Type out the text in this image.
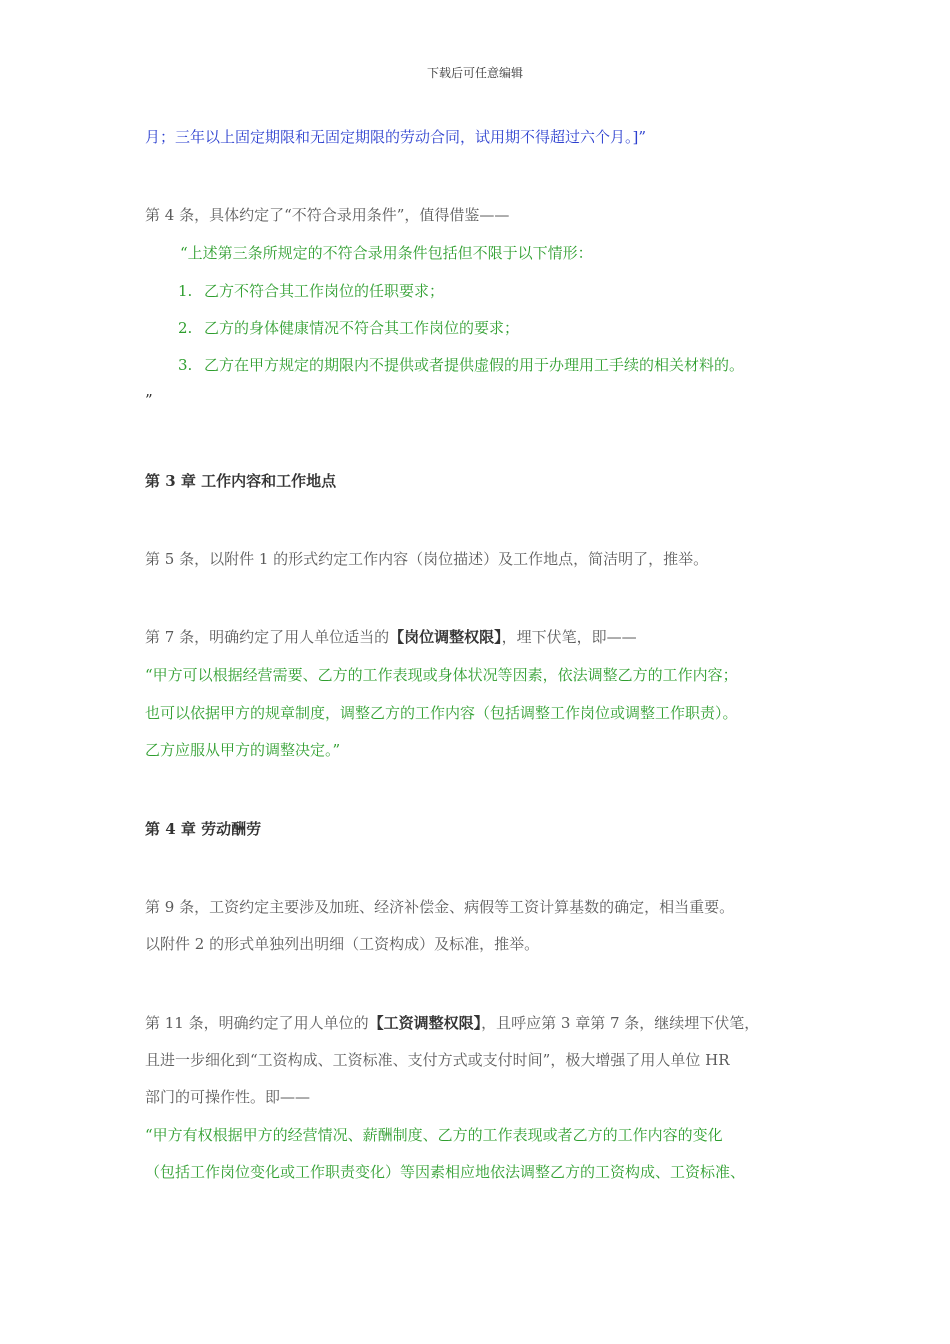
下载后可任意编辑
月；三年以上固定期限和无固定期限的劳动合同，试用期不得超过六个月。]”
第 4 条，具体约定了“不符合录用条件”，值得借鉴——
“上述第三条所规定的不符合录用条件包括但不限于以下情形：
1. 乙方不符合其工作岗位的任职要求；
2. 乙方的身体健康情况不符合其工作岗位的要求；
3. 乙方在甲方规定的期限内不提供或者提供虚假的用于办理用工手续的相关材料的。
”
第 3 章 工作内容和工作地点
第 5 条，以附件 1 的形式约定工作内容（岗位描述）及工作地点，简洁明了，推举。
第 7 条，明确约定了用人单位适当的【岗位调整权限】，埋下伏笔，即——
“甲方可以根据经营需要、乙方的工作表现或身体状况等因素，依法调整乙方的工作内容；
也可以依据甲方的规章制度，调整乙方的工作内容（包括调整工作岗位或调整工作职责）。
乙方应服从甲方的调整决定。”
第 4 章 劳动酬劳
第 9 条，工资约定主要涉及加班、经济补偿金、病假等工资计算基数的确定，相当重要。
以附件 2 的形式单独列出明细（工资构成）及标准，推举。
第 11 条，明确约定了用人单位的【工资调整权限】，且呼应第 3 章第 7 条，继续埋下伏笔，
且进一步细化到“工资构成、工资标准、支付方式或支付时间”，极大增强了用人单位 HR
部门的可操作性。即——
“甲方有权根据甲方的经营情况、薪酬制度、乙方的工作表现或者乙方的工作内容的变化
（包括工作岗位变化或工作职责变化）等因素相应地依法调整乙方的工资构成、工资标准、
